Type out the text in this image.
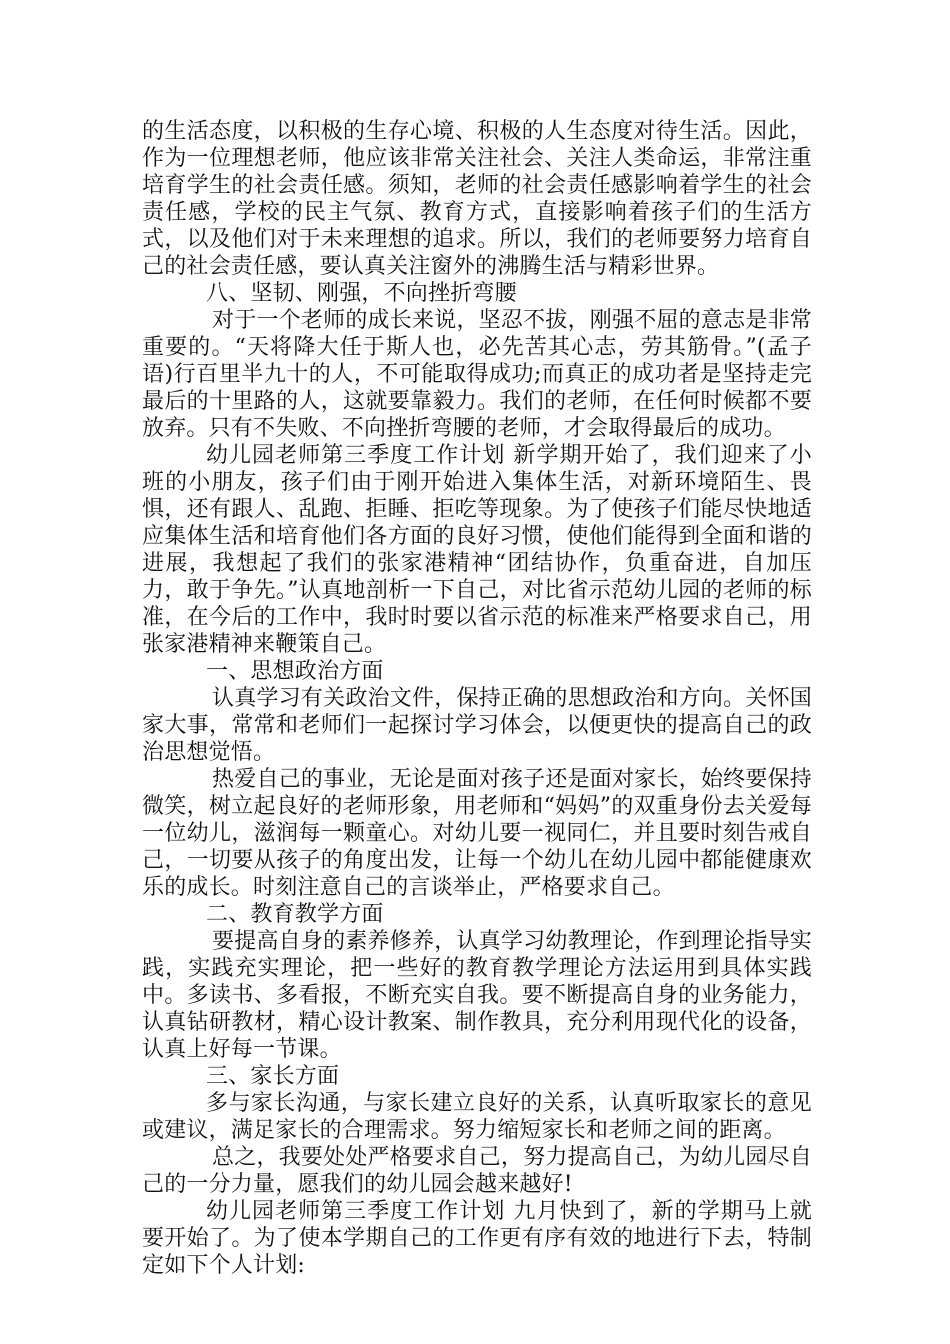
的生活态度，以积极的生存心境、积极的人生态度对待生活。因此，作为一位理想老师，他应该非常关注社会、关注人类命运，非常注重培育学生的社会责任感。须知，老师的社会责任感影响着学生的社会责任感，学校的民主气氛、教育方式，直接影响着孩子们的生活方式，以及他们对于未来理想的追求。所以，我们的老师要努力培育自己的社会责任感，要认真关注窗外的沸腾生活与精彩世界。

八、坚韧、刚强，不向挫折弯腰

对于一个老师的成长来说，坚忍不拔，刚强不屈的意志是非常重要的。“天将降大任于斯人也，必先苦其心志，劳其筋骨。”(孟子语)行百里半九十的人，不可能取得成功;而真正的成功者是坚持走完最后的十里路的人，这就要靠毅力。我们的老师，在任何时候都不要放弃。只有不失败、不向挫折弯腰的老师，才会取得最后的成功。

幼儿园老师第三季度工作计划 新学期开始了，我们迎来了小班的小朋友，孩子们由于刚开始进入集体生活，对新环境陌生、畏惧，还有跟人、乱跑、拒睡、拒吃等现象。为了使孩子们能尽快地适应集体生活和培育他们各方面的良好习惯，使他们能得到全面和谐的进展，我想起了我们的张家港精神“团结协作，负重奋进，自加压力，敢于争先。”认真地剖析一下自己，对比省示范幼儿园的老师的标准，在今后的工作中，我时时要以省示范的标准来严格要求自己，用张家港精神来鞭策自己。

一、思想政治方面

认真学习有关政治文件，保持正确的思想政治和方向。关怀国家大事，常常和老师们一起探讨学习体会，以便更快的提高自己的政治思想觉悟。

热爱自己的事业，无论是面对孩子还是面对家长，始终要保持微笑，树立起良好的老师形象，用老师和“妈妈”的双重身份去关爱每一位幼儿，滋润每一颗童心。对幼儿要一视同仁，并且要时刻告戒自己，一切要从孩子的角度出发，让每一个幼儿在幼儿园中都能健康欢乐的成长。时刻注意自己的言谈举止，严格要求自己。

二、教育教学方面

要提高自身的素养修养，认真学习幼教理论，作到理论指导实践，实践充实理论，把一些好的教育教学理论方法运用到具体实践中。多读书、多看报，不断充实自我。要不断提高自身的业务能力，认真钻研教材，精心设计教案、制作教具，充分利用现代化的设备，认真上好每一节课。

三、家长方面

多与家长沟通，与家长建立良好的关系，认真听取家长的意见或建议，满足家长的合理需求。努力缩短家长和老师之间的距离。

总之，我要处处严格要求自己，努力提高自己，为幼儿园尽自己的一分力量，愿我们的幼儿园会越来越好!

幼儿园老师第三季度工作计划 九月快到了，新的学期马上就要开始了。为了使本学期自己的工作更有序有效的地进行下去，特制定如下个人计划:
